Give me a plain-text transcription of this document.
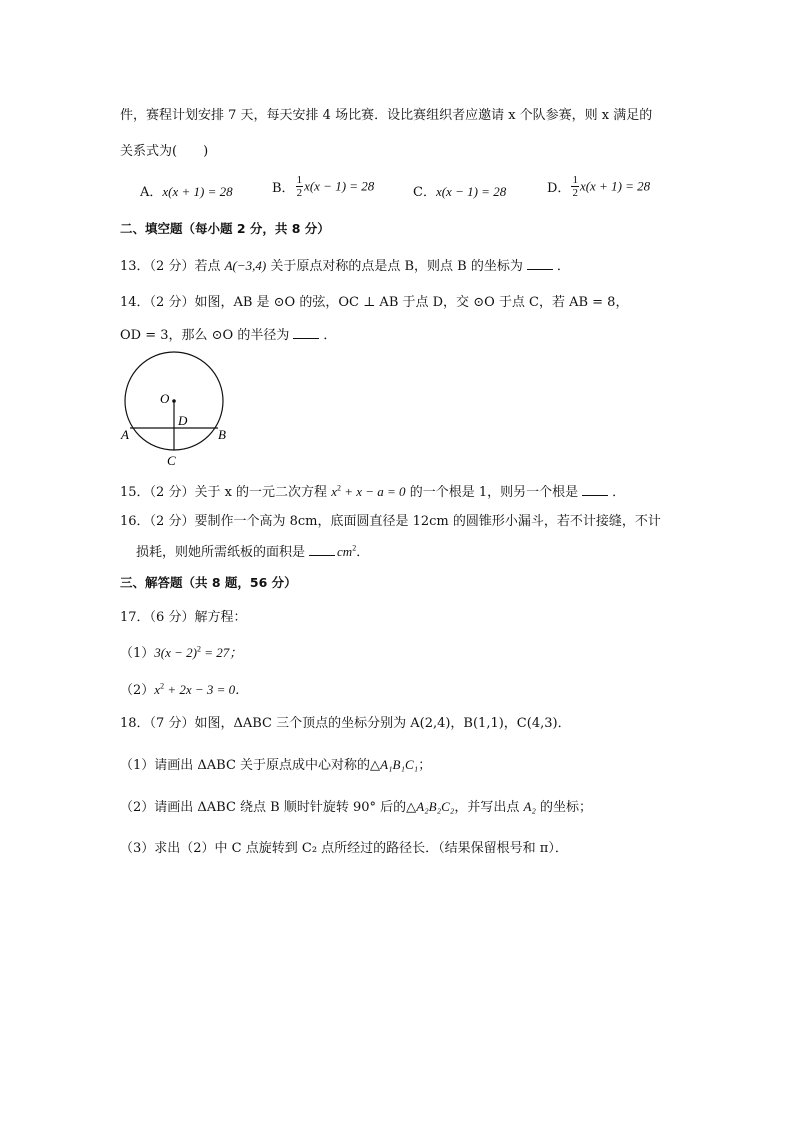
件，赛程计划安排 7 天，每天安排 4 场比赛．设比赛组织者应邀请 x 个队参赛，则 x 满足的
关系式为(　　)
A．x(x + 1) = 28	B． $\frac{1}{2} x(x - 1) = 28$	C．x(x − 1) = 28	D． $\frac{1}{2} x(x + 1) = 28$
二、填空题（每小题 2 分，共 8 分）
13．（2 分）若点 A(−3,4) 关于原点对称的点是点 B，则点 B 的坐标为	．
14．（2 分）如图，AB 是 ⊙O 的弦，OC ⊥ AB 于点 D，交 ⊙O 于点 C，若 AB = 8，
OD = 3，那么 ⊙O 的半径为	．
O
D
A	B
C
15．（2 分）关于 x 的一元二次方程 $x^2 + x - a = 0$ 的一个根是 1，则另一个根是	．
16．（2 分）要制作一个高为 8cm，底面圆直径是 12cm 的圆锥形小漏斗，若不计接缝，不计
损耗，则她所需纸板的面积是 $cm^2$．
三、解答题（共 8 题，56 分）
17．（6 分）解方程：
$(1)3(x - 2)^2 = 27$；
$(2)x^2 + 2x - 3 = 0$．
18．（7 分）如图，ΔABC 三个顶点的坐标分别为 A(2,4)，B(1,1)，C(4,3)．
（1）请画出 ΔABC 关于原点成中心对称的△A₁B₁C₁；
（2）请画出 ΔABC 绕点 B 顺时针旋转 90° 后的△A₂B₂C₂，并写出点 A₂ 的坐标；
（3）求出（2）中 C 点旋转到 C₂ 点所经过的路径长．（结果保留根号和 π）．
